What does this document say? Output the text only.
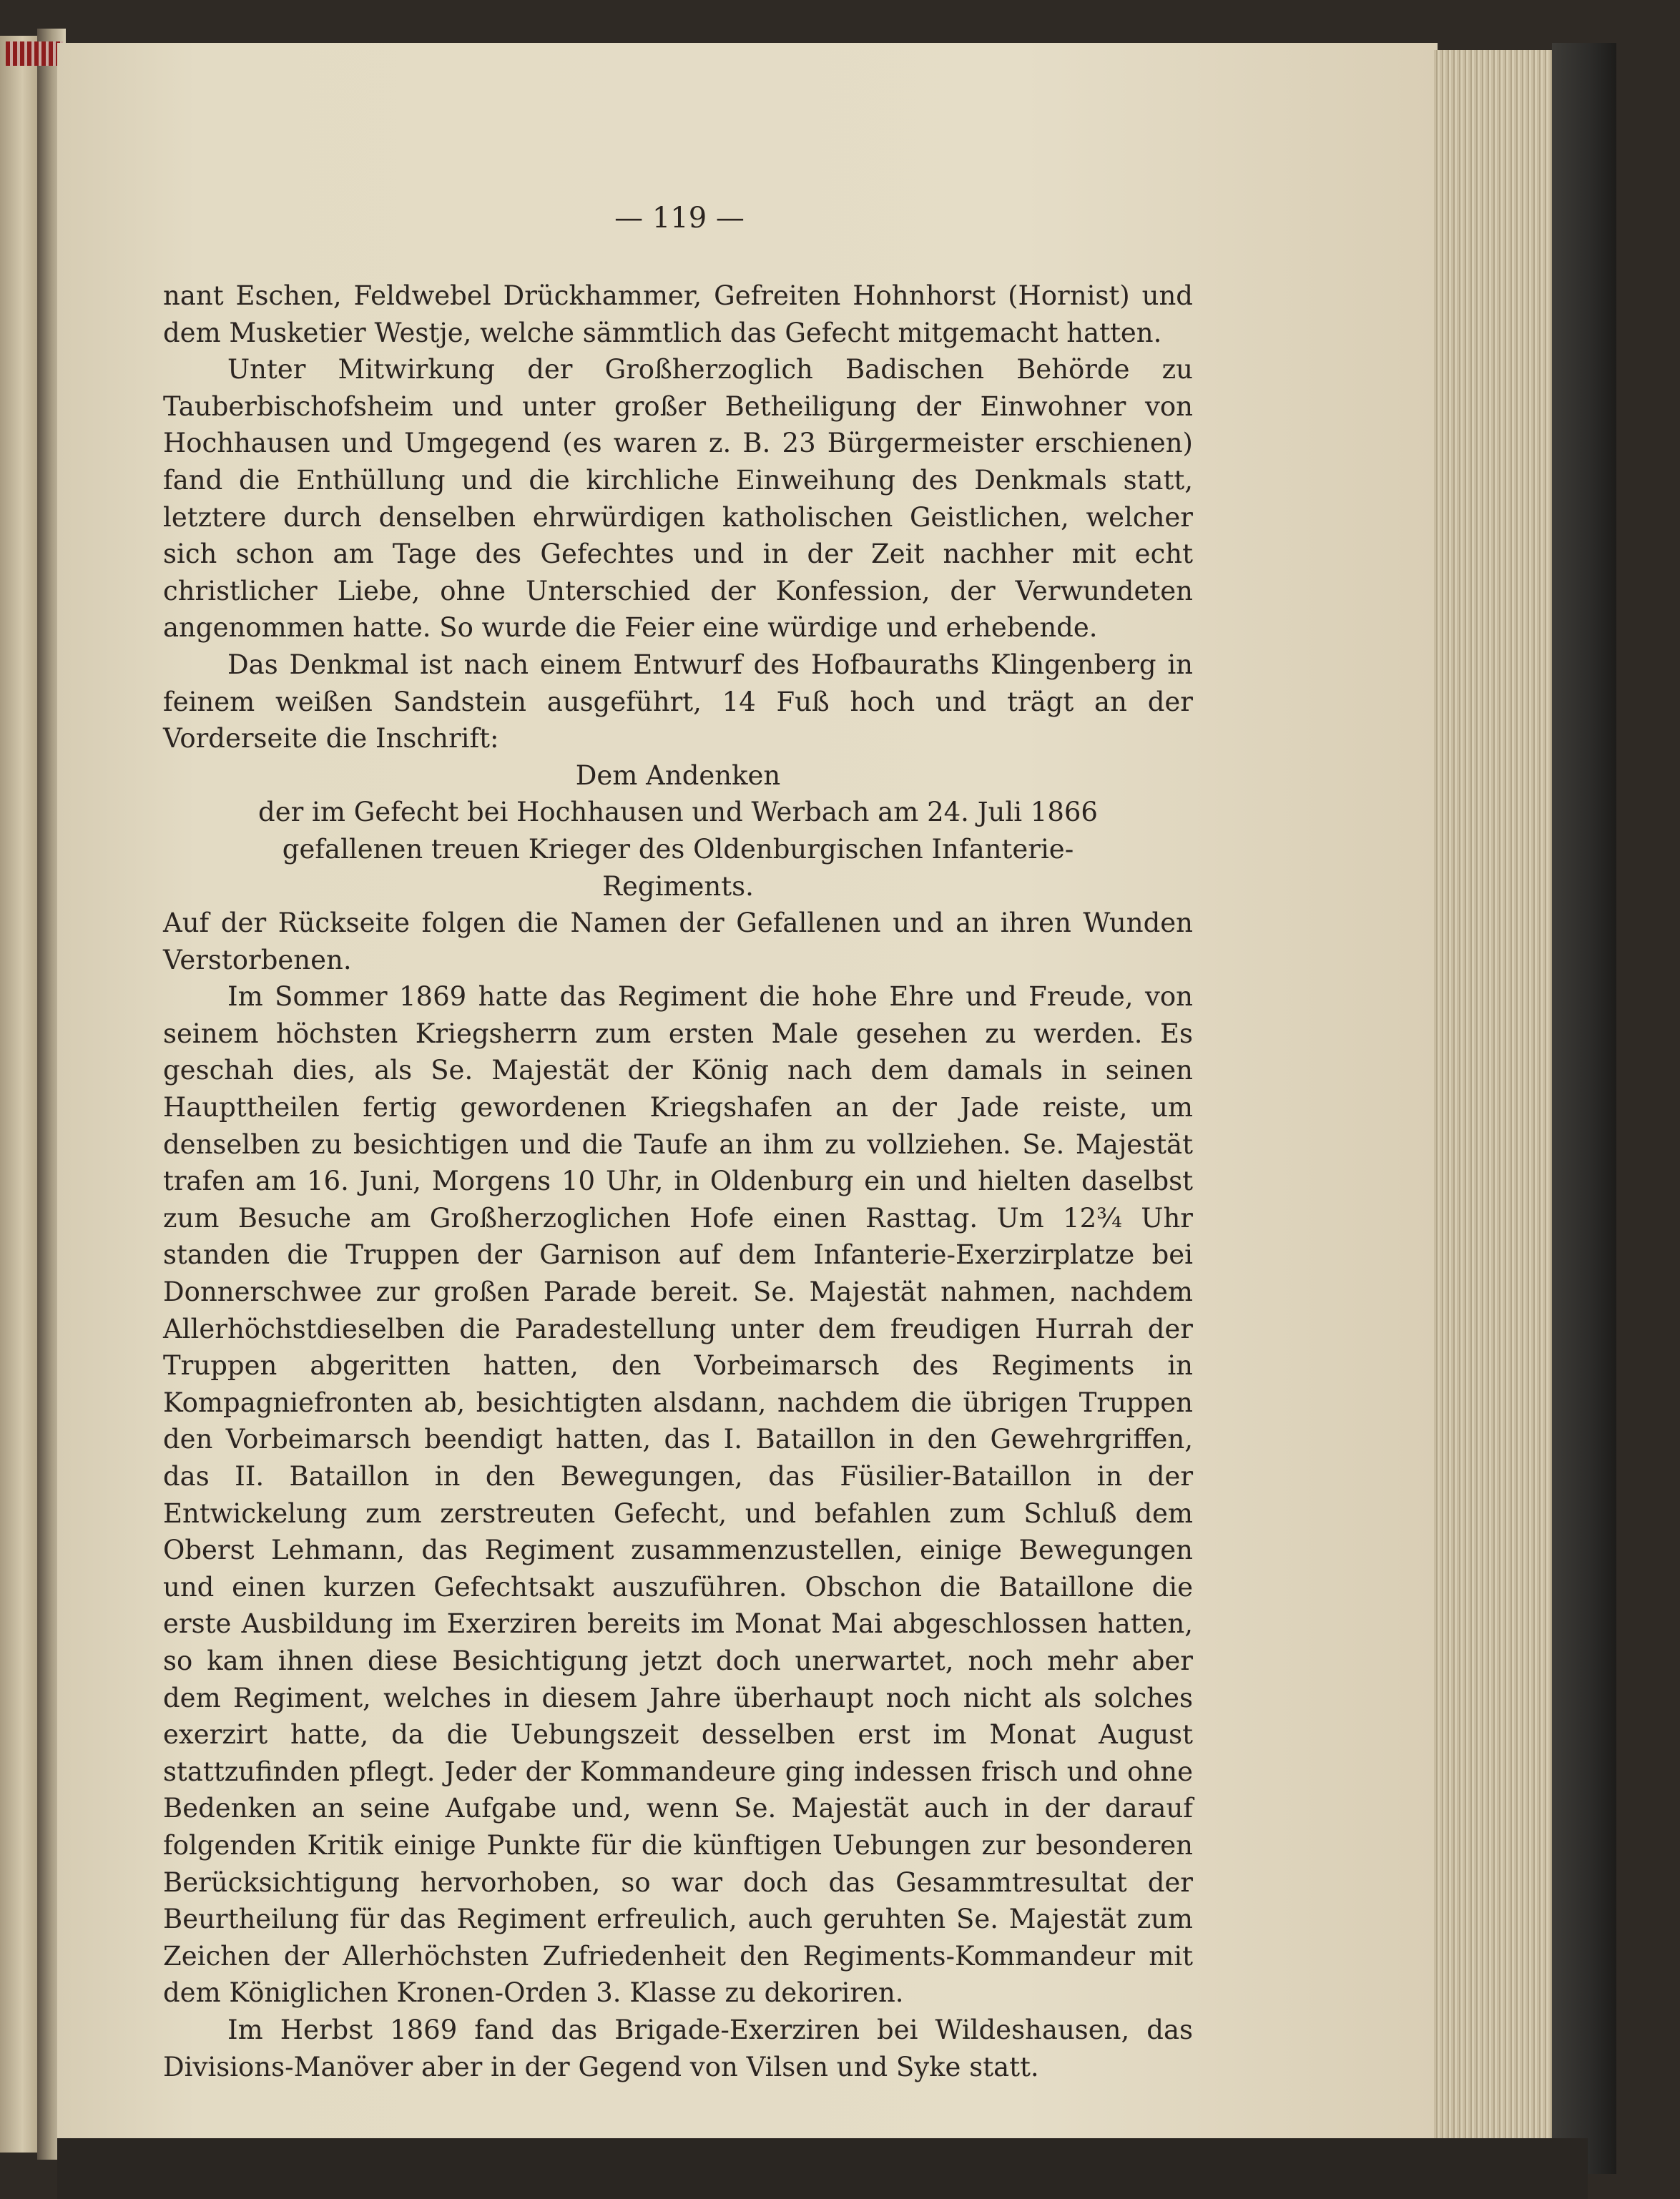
— 119 —

nant Eschen, Feldwebel Drückhammer, Gefreiten Hohnhorst (Hornist) und dem Musketier Westje, welche sämmtlich das Gefecht mitgemacht hatten.

Unter Mitwirkung der Großherzoglich Badischen Behörde zu Tauberbischofsheim und unter großer Betheiligung der Einwohner von Hochhausen und Umgegend (es waren z. B. 23 Bürgermeister erschienen) fand die Enthüllung und die kirchliche Einweihung des Denkmals statt, letztere durch denselben ehrwürdigen katholischen Geistlichen, welcher sich schon am Tage des Gefechtes und in der Zeit nachher mit echt christlicher Liebe, ohne Unterschied der Konfession, der Verwundeten angenommen hatte. So wurde die Feier eine würdige und erhebende.

Das Denkmal ist nach einem Entwurf des Hofbauraths Klingenberg in feinem weißen Sandstein ausgeführt, 14 Fuß hoch und trägt an der Vorderseite die Inschrift:

Dem Andenken

der im Gefecht bei Hochhausen und Werbach am 24. Juli 1866

gefallenen treuen Krieger des Oldenburgischen Infanterie-

Regiments.

Auf der Rückseite folgen die Namen der Gefallenen und an ihren Wunden Verstorbenen.

Im Sommer 1869 hatte das Regiment die hohe Ehre und Freude, von seinem höchsten Kriegsherrn zum ersten Male gesehen zu werden. Es geschah dies, als Se. Majestät der König nach dem damals in seinen Haupttheilen fertig gewordenen Kriegshafen an der Jade reiste, um denselben zu besichtigen und die Taufe an ihm zu vollziehen. Se. Majestät trafen am 16. Juni, Morgens 10 Uhr, in Oldenburg ein und hielten daselbst zum Besuche am Großherzoglichen Hofe einen Rasttag. Um 12¾ Uhr standen die Truppen der Garnison auf dem Infanterie-Exerzirplatze bei Donnerschwee zur großen Parade bereit. Se. Majestät nahmen, nachdem Allerhöchstdieselben die Paradestellung unter dem freudigen Hurrah der Truppen abgeritten hatten, den Vorbeimarsch des Regiments in Kompagniefronten ab, besichtigten alsdann, nachdem die übrigen Truppen den Vorbeimarsch beendigt hatten, das I. Bataillon in den Gewehrgriffen, das II. Bataillon in den Bewegungen, das Füsilier-Bataillon in der Entwickelung zum zerstreuten Gefecht, und befahlen zum Schluß dem Oberst Lehmann, das Regiment zusammenzustellen, einige Bewegungen und einen kurzen Gefechtsakt auszuführen. Obschon die Bataillone die erste Ausbildung im Exerziren bereits im Monat Mai abgeschlossen hatten, so kam ihnen diese Besichtigung jetzt doch unerwartet, noch mehr aber dem Regiment, welches in diesem Jahre überhaupt noch nicht als solches exerzirt hatte, da die Uebungszeit desselben erst im Monat August stattzufinden pflegt. Jeder der Kommandeure ging indessen frisch und ohne Bedenken an seine Aufgabe und, wenn Se. Majestät auch in der darauf folgenden Kritik einige Punkte für die künftigen Uebungen zur besonderen Berücksichtigung hervorhoben, so war doch das Gesammtresultat der Beurtheilung für das Regiment erfreulich, auch geruhten Se. Majestät zum Zeichen der Allerhöchsten Zufriedenheit den Regiments-Kommandeur mit dem Königlichen Kronen-Orden 3. Klasse zu dekoriren.

Im Herbst 1869 fand das Brigade-Exerziren bei Wildeshausen, das Divisions-Manöver aber in der Gegend von Vilsen und Syke statt.
